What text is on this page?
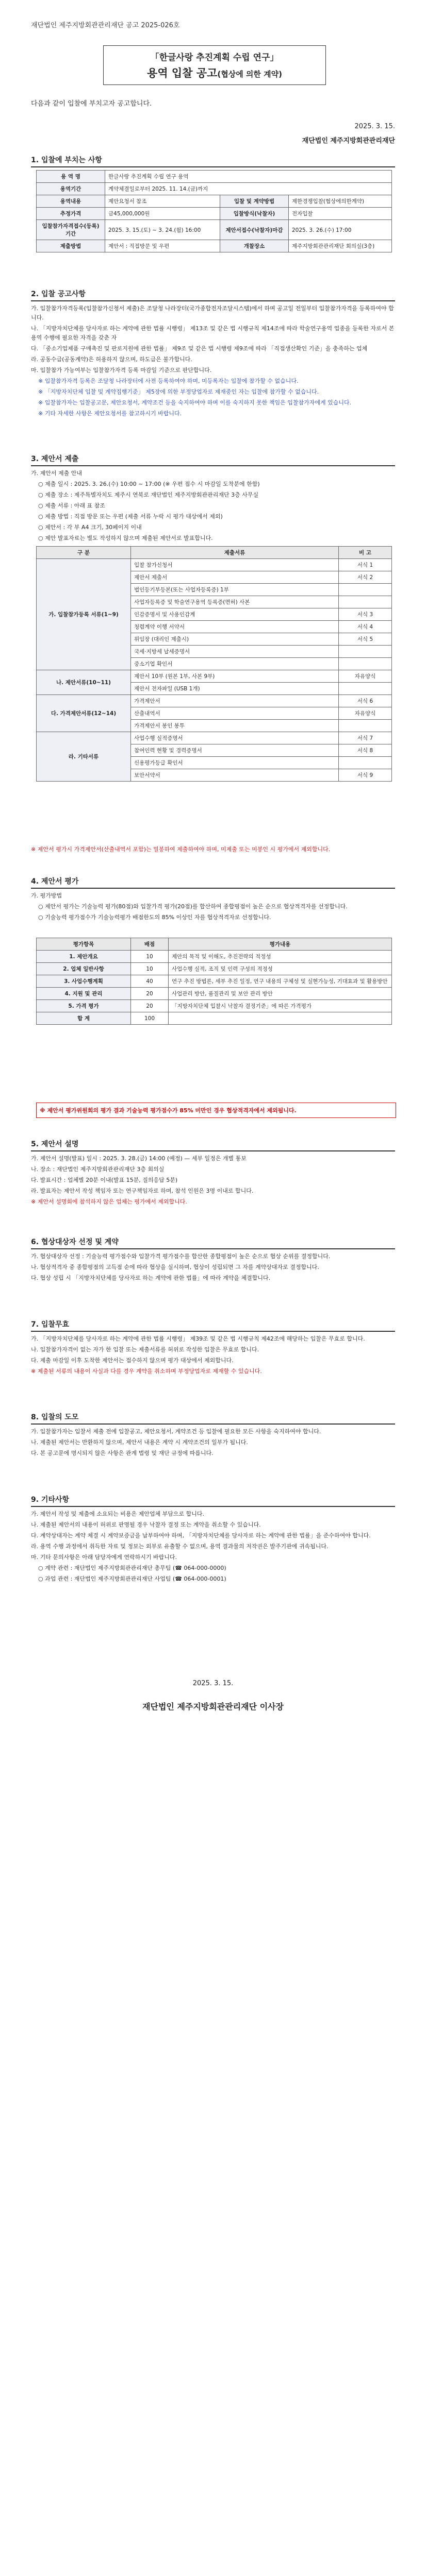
재단법인 제주지방회관관리재단 공고 2025-026호
「한글사랑 추진계획 수립 연구」
용역 입찰 공고(협상에 의한 계약)
다음과 같이 입찰에 부치고자 공고합니다.
2025. 3. 15.
재단법인 제주지방회관관리재단
1. 입찰에 부치는 사항
용 역 명	한글사랑 추진계획 수립 연구 용역		
용역기간	계약체결일로부터 2025. 11. 14.(금)까지		
용역내용	제안요청서 참조	입찰 및 계약방법	제한경쟁입찰(협상에의한계약)
추정가격	금45,000,000원	입찰방식(낙찰자)	전자입찰
입찰참가자격접수(등록)기간	2025. 3. 15.(토) ~ 3. 24.(월) 16:00	제안서접수(낙찰자)마감	2025. 3. 26.(수) 17:00
제출방법	제안서 : 직접방문 및 우편	개찰장소	제주지방회관관리재단 회의실(3층)
2. 입찰 공고사항

가. 입찰참가자격등록(입찰참가신청서 제출)은 조달청 나라장터(국가종합전자조달시스템)에서 하며 공고일 전일부터 입찰참가자격을 등록하여야 합니다.

나. 「지방자치단체를 당사자로 하는 계약에 관한 법률 시행령」 제13조 및 같은 법 시행규칙 제14조에 따라 학술연구용역 업종을 등록한 자로서 본 용역 수행에 필요한 자격을 갖춘 자

다. 「중소기업제품 구매촉진 및 판로지원에 관한 법률」 제9조 및 같은 법 시행령 제9조에 따라 「직접생산확인 기준」을 충족하는 업체

라. 공동수급(공동계약)은 허용하지 않으며, 하도급은 불가합니다.

마. 입찰참가 가능여부는 입찰참가자격 등록 마감일 기준으로 판단합니다.

※ 입찰참가자격 등록은 조달청 나라장터에 사전 등록하여야 하며, 미등록자는 입찰에 참가할 수 없습니다.

※ 「지방자치단체 입찰 및 계약집행기준」 제5장에 의한 부정당업자로 제재중인 자는 입찰에 참가할 수 없습니다.

※ 입찰참가자는 입찰공고문, 제안요청서, 계약조건 등을 숙지하여야 하며 이를 숙지하지 못한 책임은 입찰참가자에게 있습니다.

※ 기타 자세한 사항은 제안요청서를 참고하시기 바랍니다.

3. 제안서 제출

가. 제안서 제출 안내

○ 제출 일시 : 2025. 3. 26.(수) 10:00 ~ 17:00 (※ 우편 접수 시 마감일 도착분에 한함)

○ 제출 장소 : 제주특별자치도 제주시 연북로 재단법인 제주지방회관관리재단 3층 사무실

○ 제출 서류 : 아래 표 참조

○ 제출 방법 : 직접 방문 또는 우편 (제출 서류 누락 시 평가 대상에서 제외)

○ 제안서 : 각 부 A4 크기, 30페이지 이내

○ 제안 발표자료는 별도 작성하지 않으며 제출된 제안서로 발표합니다.

구 분	제출서류	비 고
가. 입찰참가등록 서류(1~9)	입찰 참가신청서	서식 1
	제안서 제출서	서식 2
	법인등기부등본(또는 사업자등록증) 1부	
	사업자등록증 및 학술연구용역 등록증(면허) 사본	
	인감증명서 및 사용인감계	서식 3
	청렴계약 이행 서약서	서식 4
	위임장 (대리인 제출시)	서식 5
	국세·지방세 납세증명서	
	중소기업 확인서	
나. 제안서류(10~11)	제안서 10부 (원본 1부, 사본 9부)	자유양식
	제안서 전자파일 (USB 1개)	
다. 가격제안서류(12~14)	가격제안서	서식 6
	산출내역서	자유양식
	가격제안서 봉인 봉투	
라. 기타서류	사업수행 실적증명서	서식 7
	참여인력 현황 및 경력증명서	서식 8
	신용평가등급 확인서	
	보안서약서	서식 9

※ 제안서 평가시 가격제안서(산출내역서 포함)는 밀봉하여 제출하여야 하며, 미제출 또는 미봉인 시 평가에서 제외합니다.

4. 제안서 평가

가. 평가방법

○ 제안서 평가는 기술능력 평가(80점)와 입찰가격 평가(20점)를 합산하여 종합평점이 높은 순으로 협상적격자를 선정합니다.

○ 기술능력 평가점수가 기술능력평가 배점한도의 85% 이상인 자를 협상적격자로 선정합니다.

평가항목	배점	평가내용
1. 제안개요	10	제안의 목적 및 이해도, 추진전략의 적정성
2. 업체 일반사항	10	사업수행 실적, 조직 및 인력 구성의 적정성
3. 사업수행계획	40	연구 추진 방법론, 세부 추진 일정, 연구 내용의 구체성 및 실현가능성, 기대효과 및 활용방안
4. 지원 및 관리	20	사업관리 방안, 품질관리 및 보안 관리 방안
5. 가격 평가	20	「지방자치단체 입찰시 낙찰자 결정기준」에 따른 가격평가
합 계	100	
※ 제안서 평가위원회의 평가 결과 기술능력 평가점수가 85% 미만인 경우 협상적격자에서 제외됩니다.
5. 제안서 설명

가. 제안서 설명(발표) 일시 : 2025. 3. 28.(금) 14:00 (예정) — 세부 일정은 개별 통보

나. 장소 : 재단법인 제주지방회관관리재단 3층 회의실

다. 발표시간 : 업체별 20분 이내(발표 15분, 질의응답 5분)

라. 발표자는 제안서 작성 책임자 또는 연구책임자로 하며, 참석 인원은 3명 이내로 합니다.

※ 제안서 설명회에 참석하지 않은 업체는 평가에서 제외합니다.

6. 협상대상자 선정 및 계약

가. 협상대상자 선정 : 기술능력 평가점수와 입찰가격 평가점수를 합산한 종합평점이 높은 순으로 협상 순위를 결정합니다.

나. 협상적격자 중 종합평점의 고득점 순에 따라 협상을 실시하며, 협상이 성립되면 그 자를 계약상대자로 결정합니다.

다. 협상 성립 시 「지방자치단체를 당사자로 하는 계약에 관한 법률」에 따라 계약을 체결합니다.

7. 입찰무효

가. 「지방자치단체를 당사자로 하는 계약에 관한 법률 시행령」 제39조 및 같은 법 시행규칙 제42조에 해당하는 입찰은 무효로 합니다.

나. 입찰참가자격이 없는 자가 한 입찰 또는 제출서류를 허위로 작성한 입찰은 무효로 합니다.

다. 제출 마감일 이후 도착한 제안서는 접수하지 않으며 평가 대상에서 제외합니다.

※ 제출된 서류의 내용이 사실과 다를 경우 계약을 취소하며 부정당업자로 제재할 수 있습니다.

8. 입찰의 도모

가. 입찰참가자는 입찰서 제출 전에 입찰공고, 제안요청서, 계약조건 등 입찰에 필요한 모든 사항을 숙지하여야 합니다.

나. 제출된 제안서는 반환하지 않으며, 제안서 내용은 계약 시 계약조건의 일부가 됩니다.

다. 본 공고문에 명시되지 않은 사항은 관계 법령 및 재단 규정에 따릅니다.

9. 기타사항

가. 제안서 작성 및 제출에 소요되는 비용은 제안업체 부담으로 합니다.

나. 제출된 제안서의 내용이 허위로 판명될 경우 낙찰자 결정 또는 계약을 취소할 수 있습니다.

다. 계약상대자는 계약 체결 시 계약보증금을 납부하여야 하며, 「지방자치단체를 당사자로 하는 계약에 관한 법률」을 준수하여야 합니다.

라. 용역 수행 과정에서 취득한 자료 및 정보는 외부로 유출할 수 없으며, 용역 결과물의 저작권은 발주기관에 귀속됩니다.

마. 기타 문의사항은 아래 담당자에게 연락하시기 바랍니다.

○ 계약 관련 : 재단법인 제주지방회관관리재단 총무팀 (☎ 064-000-0000)

○ 과업 관련 : 재단법인 제주지방회관관리재단 사업팀 (☎ 064-000-0001)

2025. 3. 15.
재단법인 제주지방회관관리재단 이사장
